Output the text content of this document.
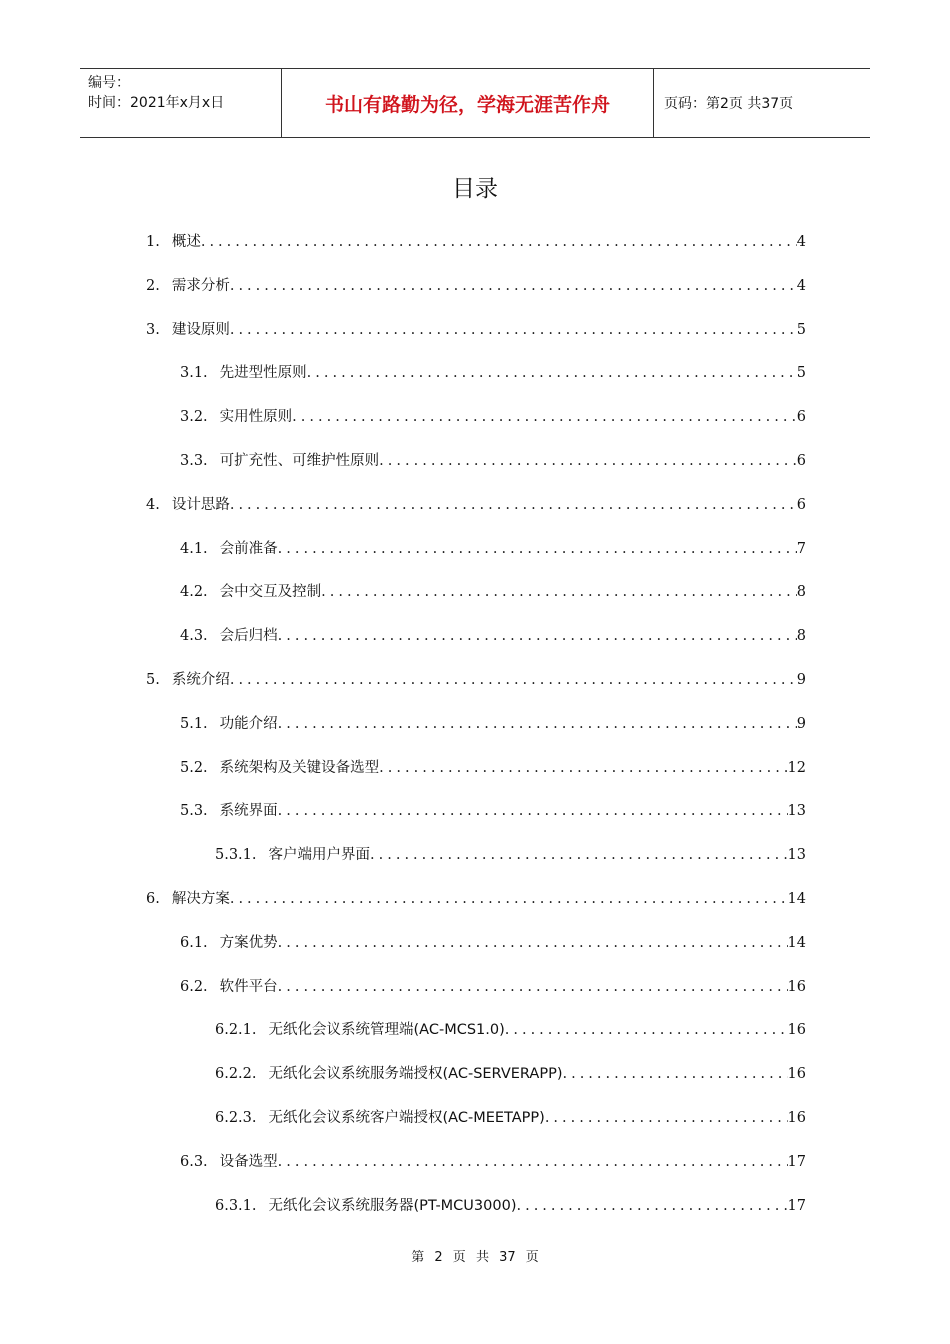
编号：
时间：2021年x月x日	书山有路勤为径，学海无涯苦作舟	页码：第2页 共37页
目录
1. 概述 .....	4
2. 需求分析 .....	4
3. 建设原则 .....	5
3.1. 先进型性原则 .....	5
3.2. 实用性原则 .....	6
3.3. 可扩充性、可维护性原则 .....	6
4. 设计思路 .....	6
4.1. 会前准备 .....	7
4.2. 会中交互及控制 .....	8
4.3. 会后归档 .....	8
5. 系统介绍 .....	9
5.1. 功能介绍 .....	9
5.2. 系统架构及关键设备选型 .....	12
5.3. 系统界面 .....	13
5.3.1. 客户端用户界面 .....	13
6. 解决方案 .....	14
6.1. 方案优势 .....	14
6.2. 软件平台 .....	16
6.2.1. 无纸化会议系统管理端(AC-MCS1.0) .....	16
6.2.2. 无纸化会议系统服务端授权(AC-SERVERAPP) .....	16
6.2.3. 无纸化会议系统客户端授权(AC-MEETAPP) .....	16
6.3. 设备选型 .....	17
6.3.1. 无纸化会议系统服务器(PT-MCU3000) .....	17
第 2 页 共 37 页
